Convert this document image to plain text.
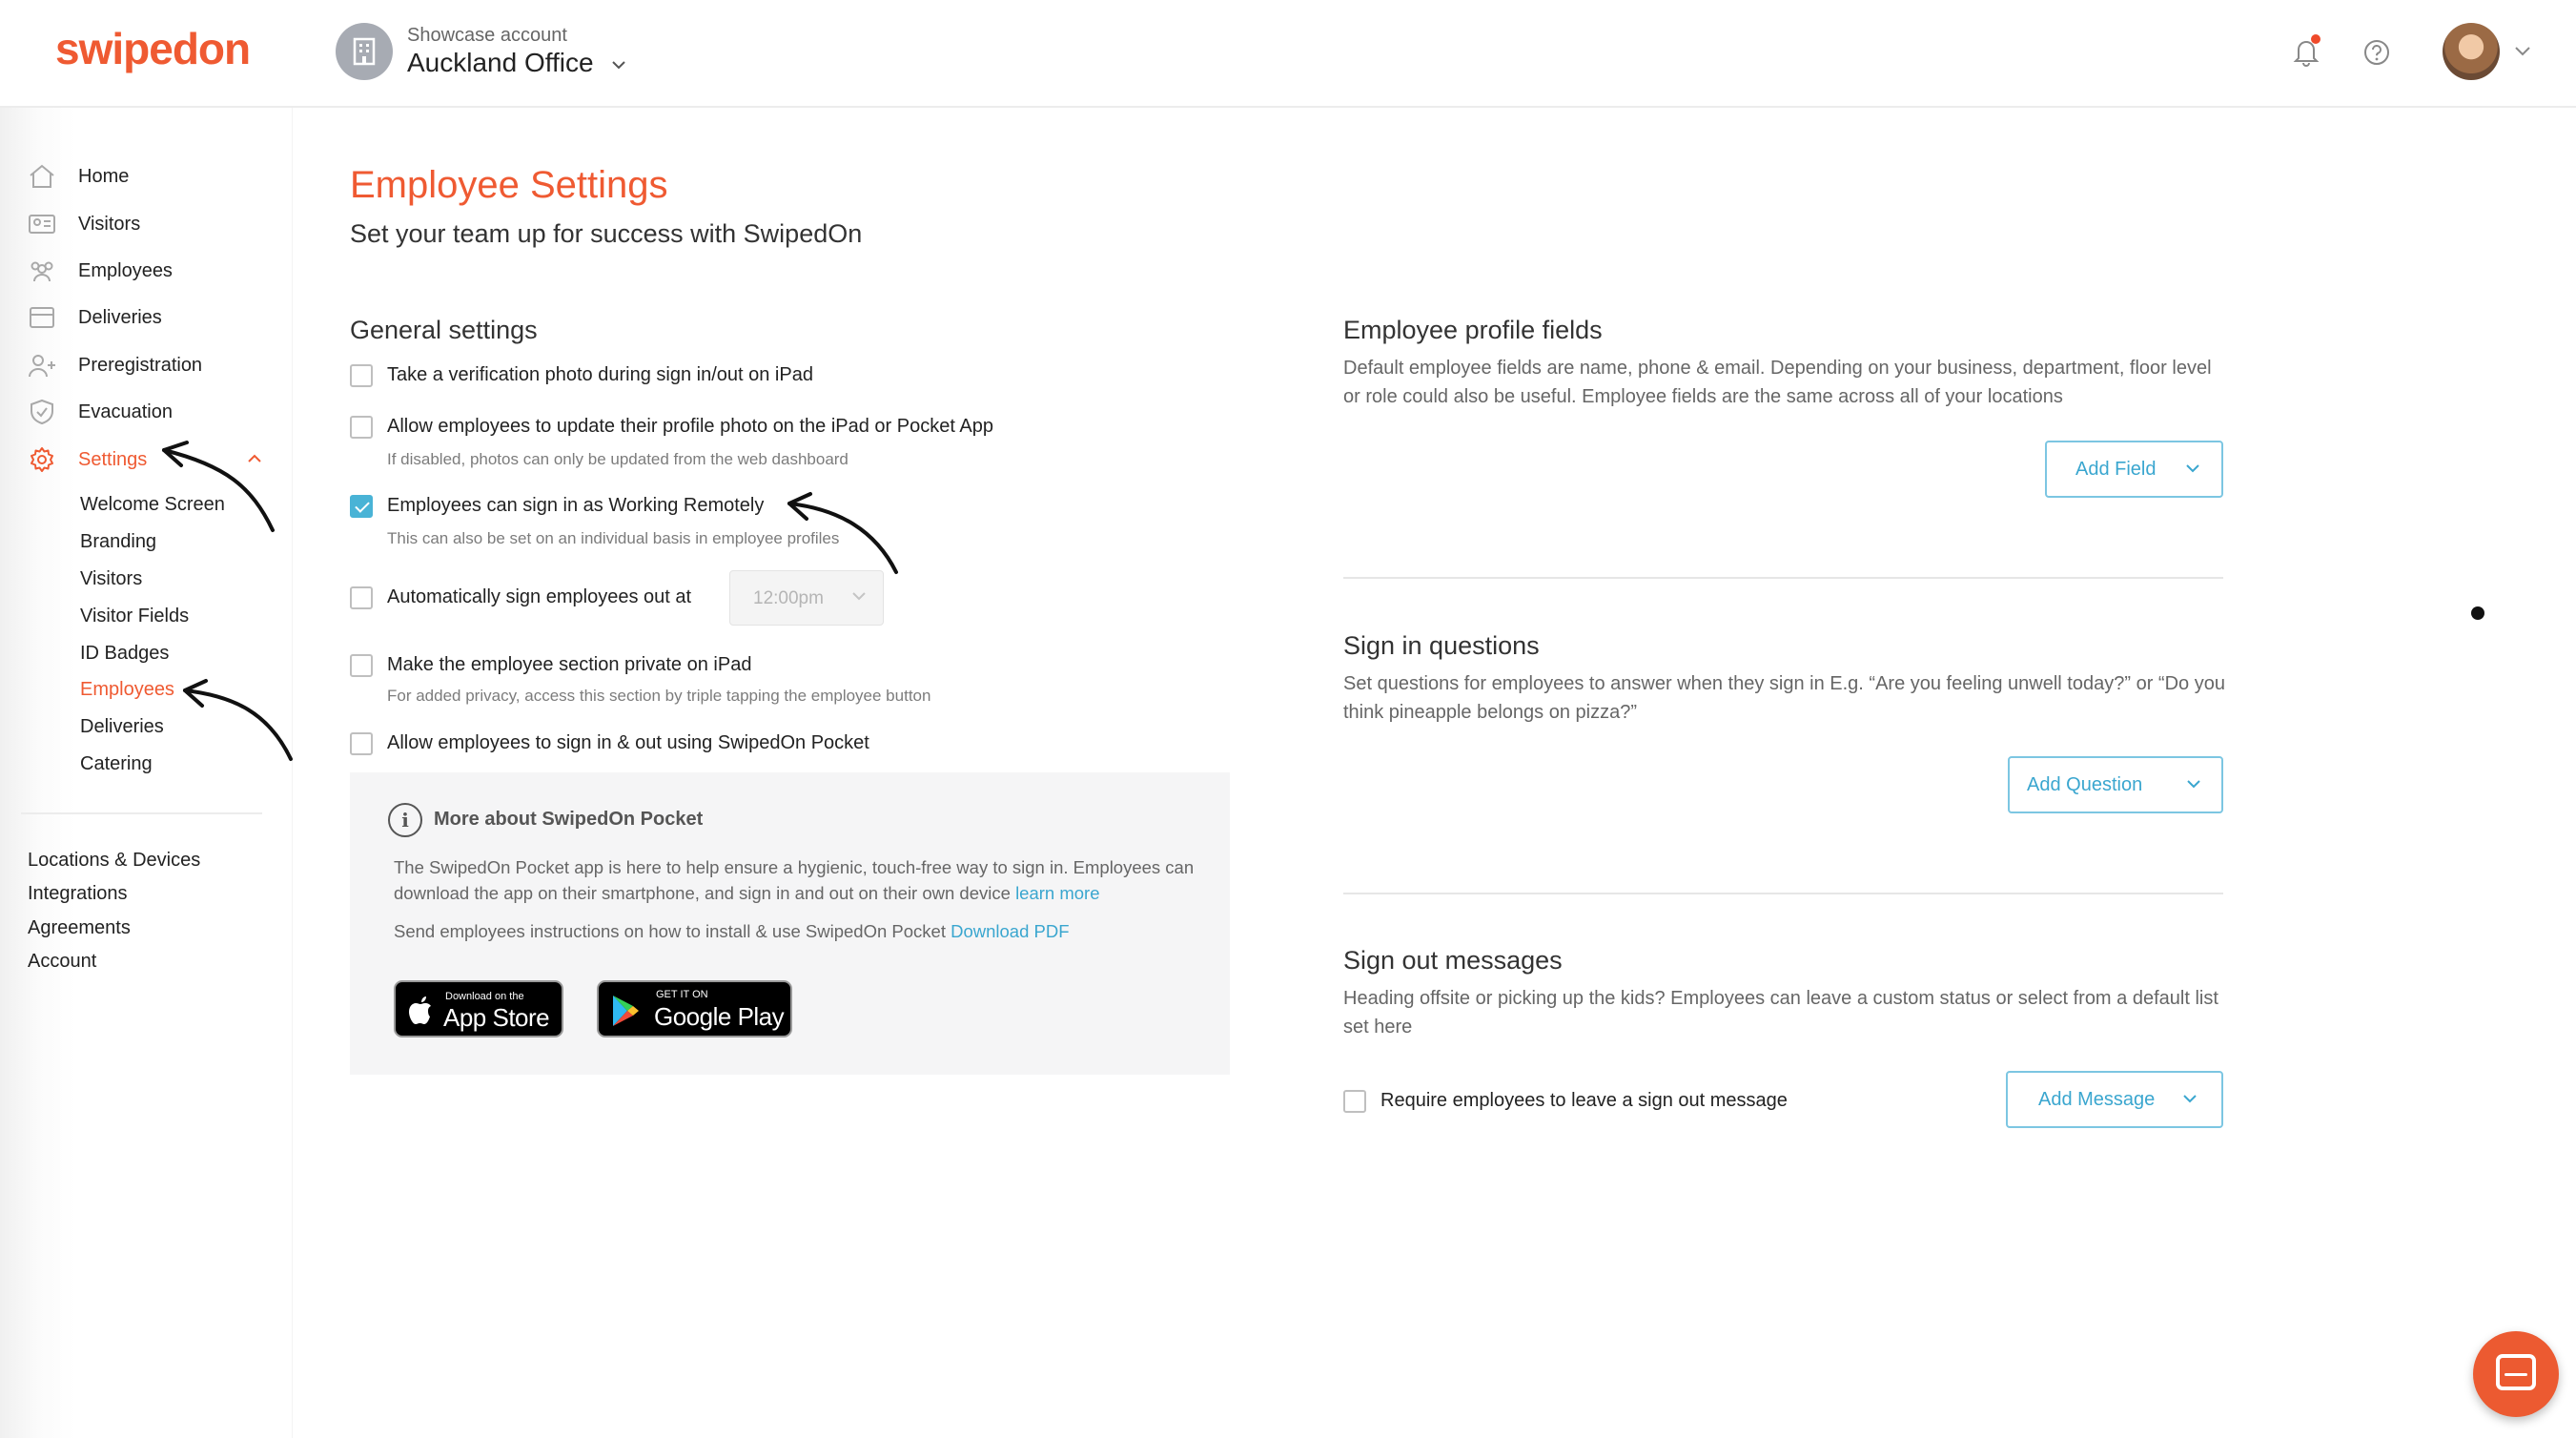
swipedon	Showcase account
Auckland Office
Home
Visitors
Employees
Deliveries
Preregistration
Evacuation
Settings
Welcome Screen
Branding
Visitors
Visitor Fields
ID Badges
Employees
Deliveries
Catering
Locations & Devices
Integrations
Agreements
Account
Employee Settings
Set your team up for success with SwipedOn
General settings
Take a verification photo during sign in/out on iPad
Allow employees to update their profile photo on the iPad or Pocket App
If disabled, photos can only be updated from the web dashboard
Employees can sign in as Working Remotely
This can also be set on an individual basis in employee profiles
Automatically sign employees out at	12:00pm
Make the employee section private on iPad
For added privacy, access this section by triple tapping the employee button
Allow employees to sign in & out using SwipedOn Pocket
i	More about SwipedOn Pocket
The SwipedOn Pocket app is here to help ensure a hygienic, touch-free way to sign in. Employees can download the app on their smartphone, and sign in and out on their own device learn more
Send employees instructions on how to install & use SwipedOn Pocket Download PDF
Download on the
App Store
GET IT ON
Google Play
Employee profile fields
Default employee fields are name, phone & email. Depending on your business, department, floor level or role could also be useful. Employee fields are the same across all of your locations
Add Field
Sign in questions
Set questions for employees to answer when they sign in E.g. “Are you feeling unwell today?” or “Do you think pineapple belongs on pizza?”
Add Question
Sign out messages
Heading offsite or picking up the kids? Employees can leave a custom status or select from a default list set here
Require employees to leave a sign out message	Add Message
